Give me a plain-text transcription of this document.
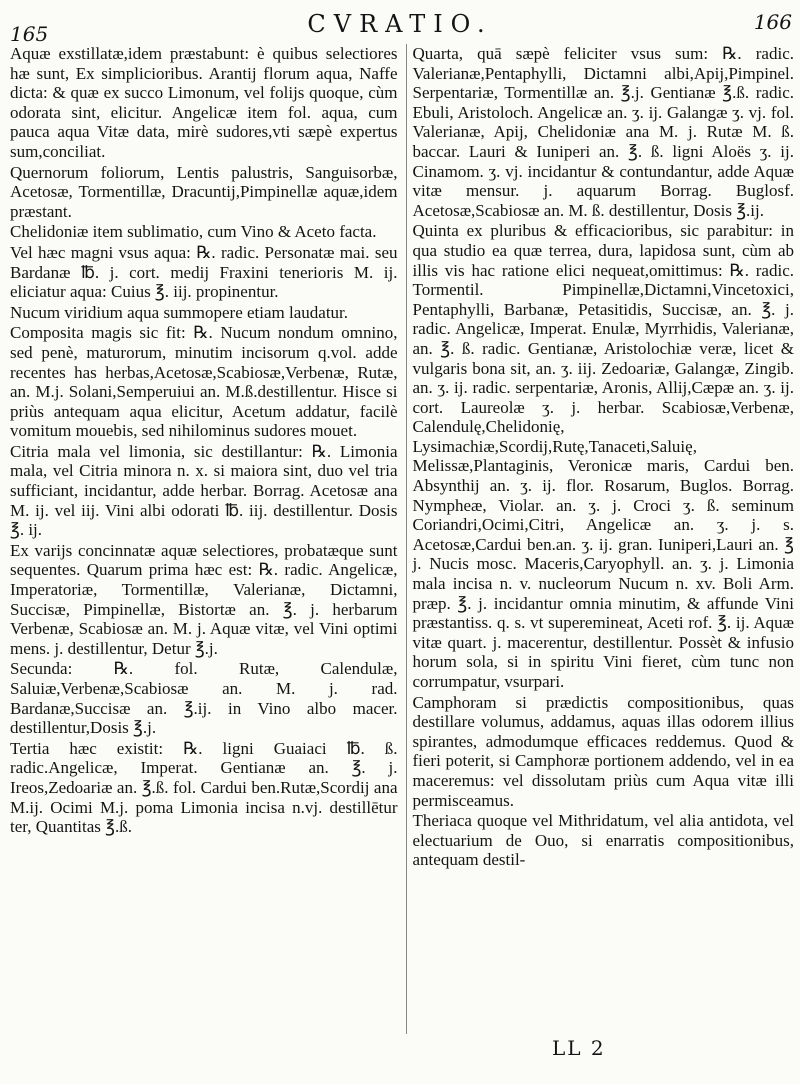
165	CVRATIO.	166

Aquæ exstillatæ,idem præstabunt: è quibus selectiores hæ sunt, Ex simplicioribus. Arantij florum aqua, Naffe dicta: & quæ ex succo Limonum, vel folijs quoque, cùm odorata sint, elicitur. Angelicæ item fol. aqua, cum pauca aqua Vitæ data, mirè sudores,vti sæpè expertus sum,conciliat.

Quernorum foliorum, Lentis palustris, Sanguisorbæ, Acetosæ, Tormentillæ, Dracuntij,Pimpinellæ aquæ,idem præstant.

Chelidoniæ item sublimatio, cum Vino & Aceto facta.

Vel hæc magni vsus aqua: ℞. radic. Personatæ mai. seu Bardanæ ℔. j. cort. medij Fraxini tenerioris M. ij. eliciatur aqua: Cuius ℥. iij. propinentur.

Nucum viridium aqua summopere etiam laudatur.

Composita magis sic fit: ℞. Nucum nondum omnino, sed penè, maturorum, minutim incisorum q.vol. adde recentes has herbas,Acetosæ,Scabiosæ,Verbenæ, Rutæ, an. M.j. Solani,Semperuiui an. M.ß.destillentur. Hisce si priùs antequam aqua elicitur, Acetum addatur, facilè vomitum mouebis, sed nihilominus sudores mouet.

Citria mala vel limonia, sic destillantur: ℞. Limonia mala, vel Citria minora n. x. si maiora sint, duo vel tria sufficiant, incidantur, adde herbar. Borrag. Acetosæ ana M. ij. vel iij. Vini albi odorati ℔. iij. destillentur. Dosis ℥. ij.

Ex varijs concinnatæ aquæ selectiores, probatæque sunt sequentes. Quarum prima hæc est: ℞. radic. Angelicæ, Imperatoriæ, Tormentillæ, Valerianæ, Dictamni, Succisæ, Pimpinellæ, Bistortæ an. ℥. j. herbarum Verbenæ, Scabiosæ an. M. j. Aquæ vitæ, vel Vini optimi mens. j. destillentur, Detur ℥.j.

Secunda: ℞. fol. Rutæ, Calendulæ, Saluiæ,Verbenæ,Scabiosæ an. M. j. rad. Bardanæ,Succisæ an. ℥.ij. in Vino albo macer. destillentur,Dosis ℥.j.

Tertia hæc existit: ℞. ligni Guaiaci ℔. ß. radic.Angelicæ, Imperat. Gentianæ an. ℥. j. Ireos,Zedoariæ an. ℥.ß. fol. Cardui ben.Rutæ,Scordij ana M.ij. Ocimi M.j. poma Limonia incisa n.vj. destillētur ter, Quantitas ℥.ß.

Quarta, quā sæpè feliciter vsus sum: ℞. radic. Valerianæ,Pentaphylli, Dictamni albi,Apij,Pimpinel. Serpentariæ, Tormentillæ an. ℥.j. Gentianæ ℥.ß. radic. Ebuli, Aristoloch. Angelicæ an. ʒ. ij. Galangæ ʒ. vj. fol. Valerianæ, Apij, Chelidoniæ ana M. j. Rutæ M. ß. baccar. Lauri & Iuniperi an. ℥. ß. ligni Aloës ʒ. ij. Cinamom. ʒ. vj. incidantur & contundantur, adde Aquæ vitæ mensur. j. aquarum Borrag. Buglosf. Acetosæ,Scabiosæ an. M. ß. destillentur, Dosis ℥.ij.

Quinta ex pluribus & efficacioribus, sic parabitur: in qua studio ea quæ terrea, dura, lapidosa sunt, cùm ab illis vis hac ratione elici nequeat,omittimus: ℞. radic. Tormentil. Pimpinellæ,Dictamni,Vincetoxici, Pentaphylli, Barbanæ, Petasitidis, Succisæ, an. ℥. j. radic. Angelicæ, Imperat. Enulæ, Myrrhidis, Valerianæ, an. ℥. ß. radic. Gentianæ, Aristolochiæ veræ, licet & vulgaris bona sit, an. ʒ. iij. Zedoariæ, Galangæ, Zingib. an. ʒ. ij. radic. serpentariæ, Aronis, Allij,Cæpæ an. ʒ. ij. cort. Laureolæ ʒ. j. herbar. Scabiosæ,Verbenæ, Calendulę,Chelidonię, Lysimachiæ,Scordij,Rutę,Tanaceti,Saluię, Melissæ,Plantaginis, Veronicæ maris, Cardui ben. Absynthij an. ʒ. ij. flor. Rosarum, Buglos. Borrag. Nympheæ, Violar. an. ʒ. j. Croci ʒ. ß. seminum Coriandri,Ocimi,Citri, Angelicæ an. ʒ. j. s. Acetosæ,Cardui ben.an. ʒ. ij. gran. Iuniperi,Lauri an. ℥ j. Nucis mosc. Maceris,Caryophyll. an. ʒ. j. Limonia mala incisa n. v. nucleorum Nucum n. xv. Boli Arm. præp. ℥. j. incidantur omnia minutim, & affunde Vini præstantiss. q. s. vt superemineat, Aceti rof. ℥. ij. Aquæ vitæ quart. j. macerentur, destillentur. Possèt & infusio horum sola, si in spiritu Vini fieret, cùm tunc non corrumpatur, vsurpari.

Camphoram si prædictis compositionibus, quas destillare volumus, addamus, aquas illas odorem illius spirantes, admodumque efficaces reddemus. Quod & fieri poterit, si Camphoræ portionem addendo, vel in ea maceremus: vel dissolutam priùs cum Aqua vitæ illi permisceamus.

Theriaca quoque vel Mithridatum, vel alia antidota, vel electuarium de Ouo, si enarratis compositionibus, antequam destil-

LL 2
